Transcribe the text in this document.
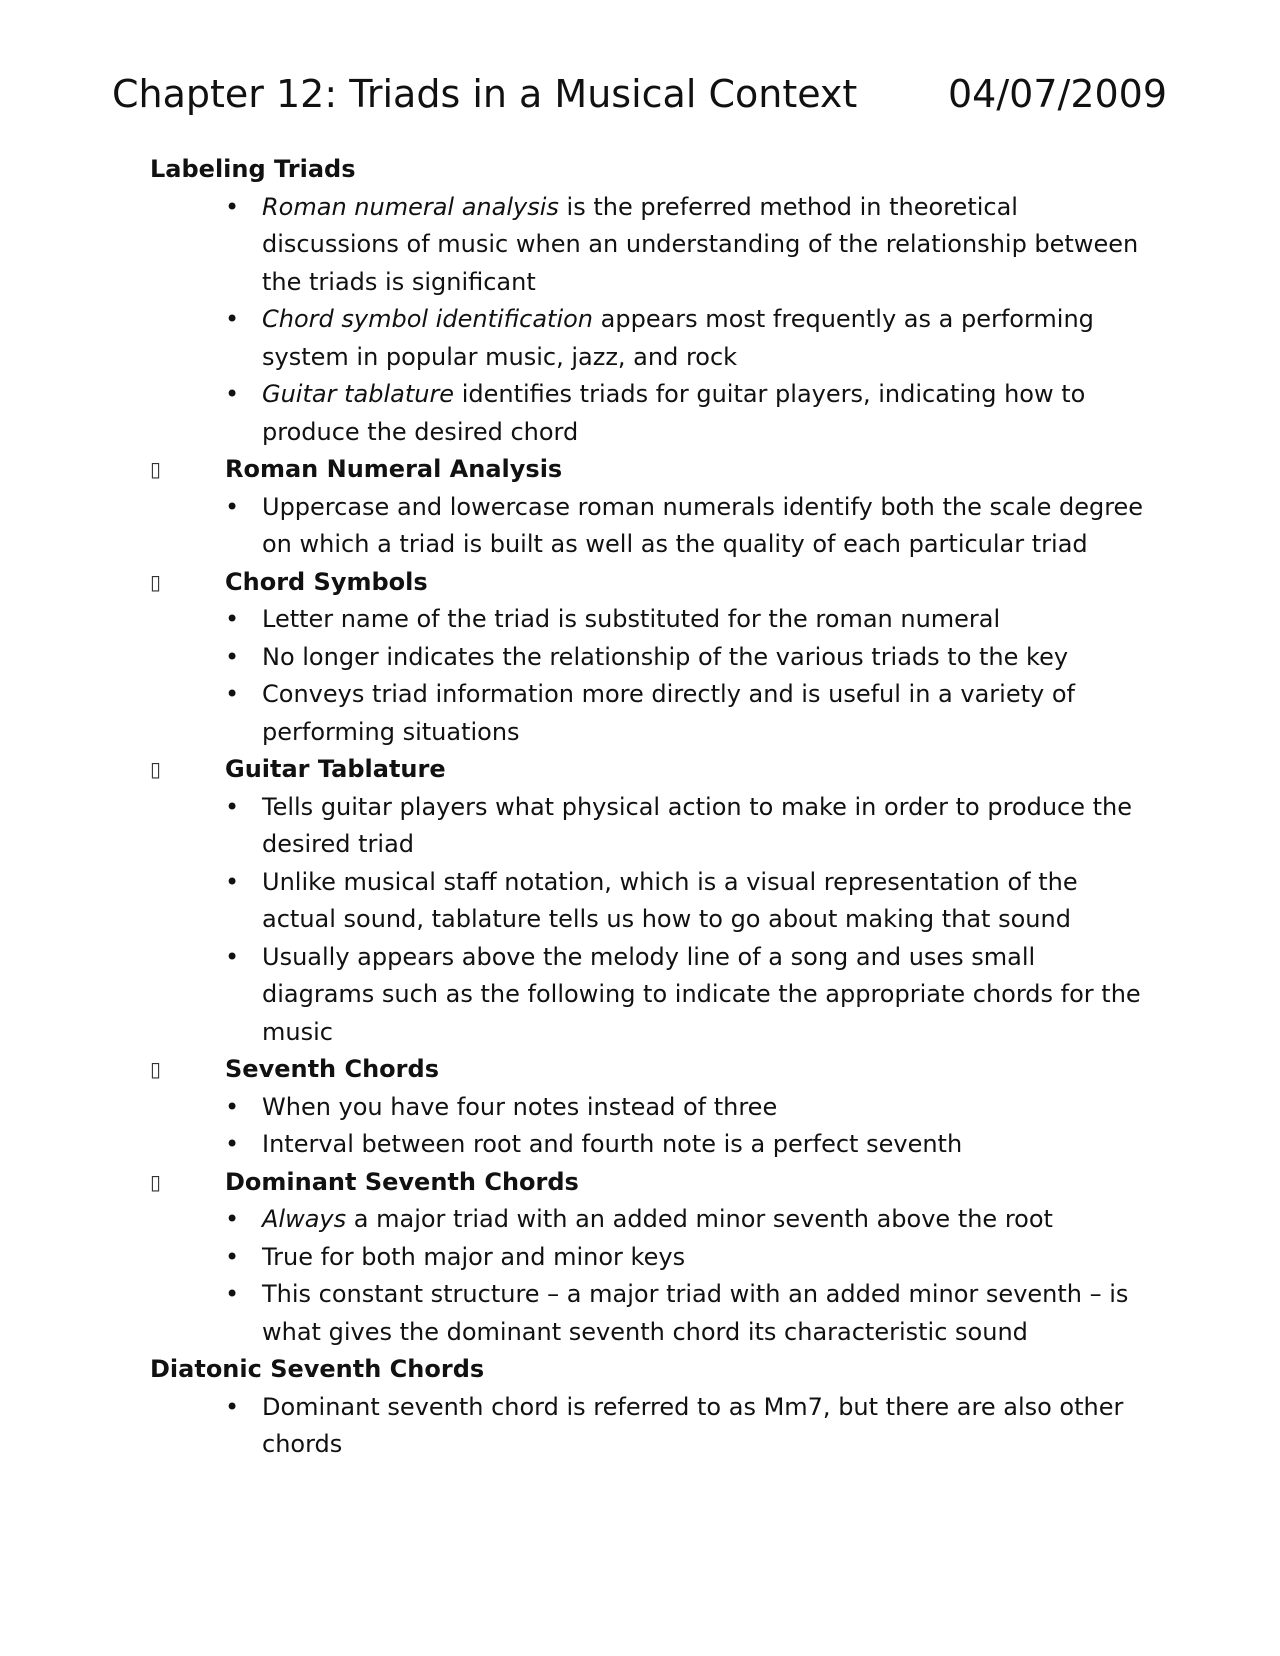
Chapter 12: Triads in a Musical Context 04/07/2009
Labeling Triads
• Roman numeral analysis is the preferred method in theoretical discussions of music when an understanding of the relationship between the triads is significant
• Chord symbol identification appears most frequently as a performing system in popular music, jazz, and rock
• Guitar tablature identifies triads for guitar players, indicating how to produce the desired chord
▯	Roman Numeral Analysis
• Uppercase and lowercase roman numerals identify both the scale degree on which a triad is built as well as the quality of each particular triad
▯	Chord Symbols
• Letter name of the triad is substituted for the roman numeral
• No longer indicates the relationship of the various triads to the key
• Conveys triad information more directly and is useful in a variety of performing situations
▯	Guitar Tablature
• Tells guitar players what physical action to make in order to produce the desired triad
• Unlike musical staff notation, which is a visual representation of the actual sound, tablature tells us how to go about making that sound
• Usually appears above the melody line of a song and uses small diagrams such as the following to indicate the appropriate chords for the music
▯	Seventh Chords
• When you have four notes instead of three
• Interval between root and fourth note is a perfect seventh
▯	Dominant Seventh Chords
• Always a major triad with an added minor seventh above the root
• True for both major and minor keys
• This constant structure – a major triad with an added minor seventh – is what gives the dominant seventh chord its characteristic sound
Diatonic Seventh Chords
• Dominant seventh chord is referred to as Mm7, but there are also other chords
